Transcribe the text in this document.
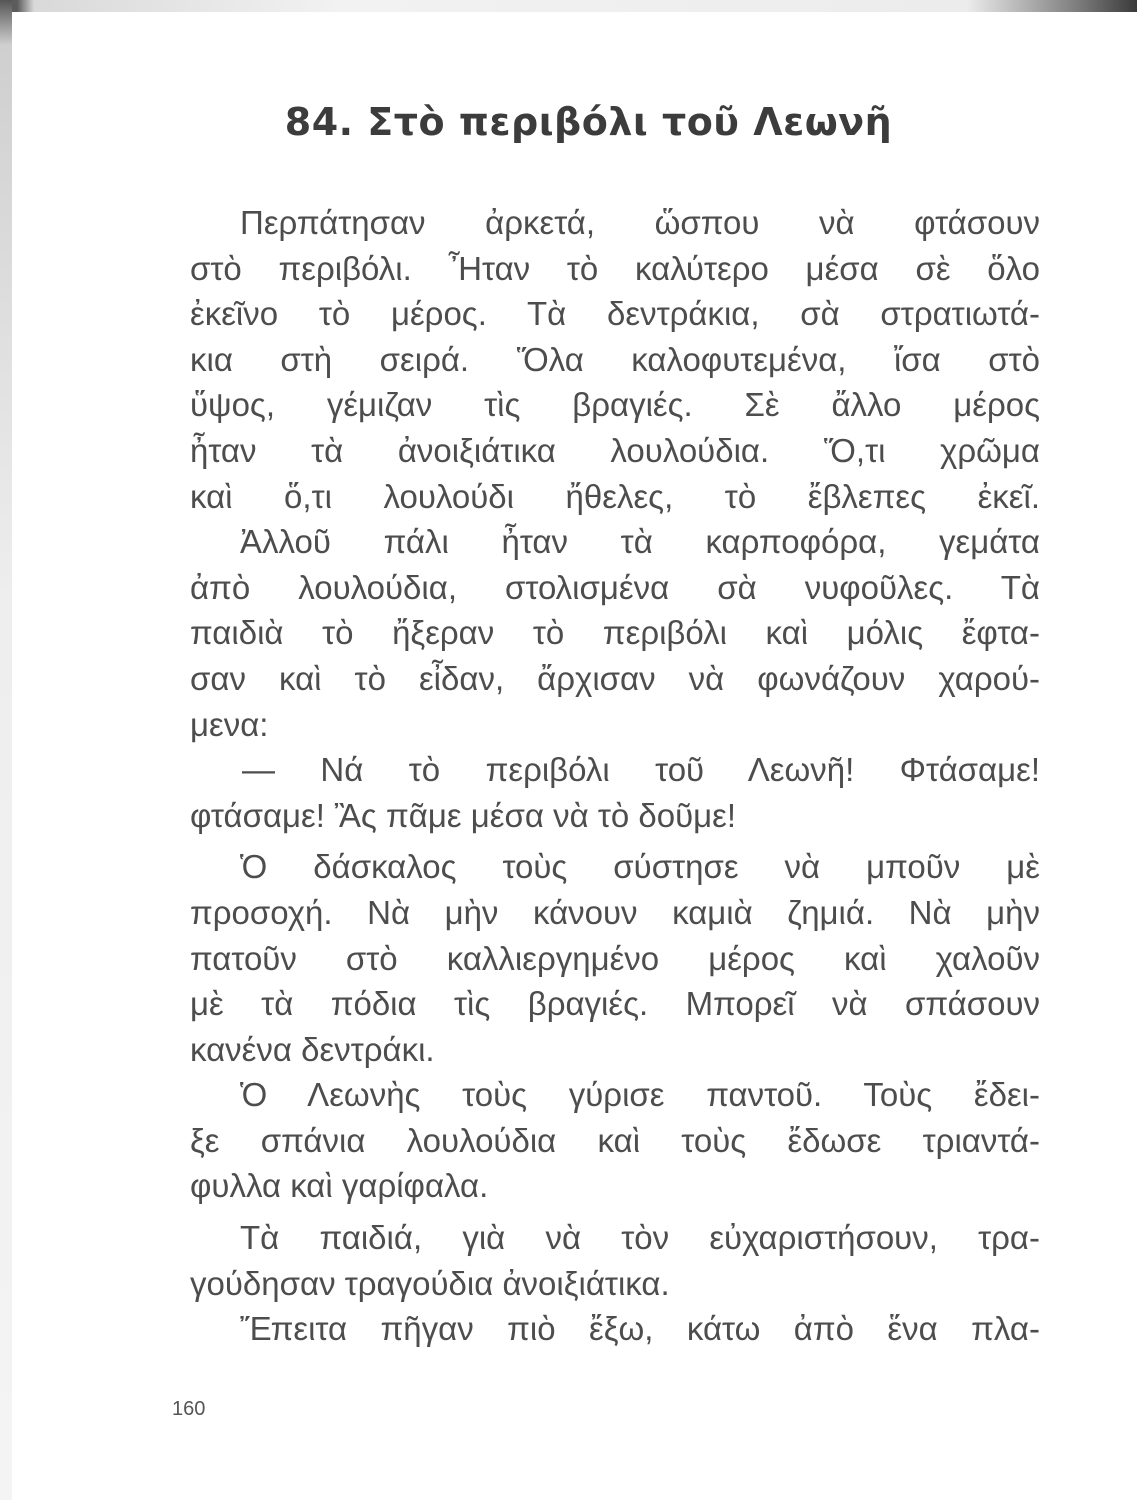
84. Στὸ περιβόλι τοῦ Λεωνῆ
Περπάτησαν ἀρκετά, ὥσπου νὰ φτάσουν
στὸ περιβόλι. Ἦταν τὸ καλύτερο μέσα σὲ ὅλο
ἐκεῖνο τὸ μέρος. Τὰ δεντράκια, σὰ στρατιωτά-
κια στὴ σειρά. Ὅλα καλοφυτεμένα, ἴσα στὸ
ὕψος, γέμιζαν τὶς βραγιές. Σὲ ἄλλο μέρος
ἦταν τὰ ἀνοιξιάτικα λουλούδια. Ὅ,τι χρῶμα
καὶ ὅ,τι λουλούδι ἤθελες, τὸ ἔβλεπες ἐκεῖ.
Ἀλλοῦ πάλι ἦταν τὰ καρποφόρα, γεμάτα
ἀπὸ λουλούδια, στολισμένα σὰ νυφοῦλες. Τὰ
παιδιὰ τὸ ἤξεραν τὸ περιβόλι καὶ μόλις ἔφτα-
σαν καὶ τὸ εἶδαν, ἄρχισαν νὰ φωνάζουν χαρού-
μενα:
— Νά τὸ περιβόλι τοῦ Λεωνῆ! Φτάσαμε!
φτάσαμε! Ἂς πᾶμε μέσα νὰ τὸ δοῦμε!
Ὁ δάσκαλος τοὺς σύστησε νὰ μποῦν μὲ
προσοχή. Νὰ μὴν κάνουν καμιὰ ζημιά. Νὰ μὴν
πατοῦν στὸ καλλιεργημένο μέρος καὶ χαλοῦν
μὲ τὰ πόδια τὶς βραγιές. Μπορεῖ νὰ σπάσουν
κανένα δεντράκι.
Ὁ Λεωνὴς τοὺς γύρισε παντοῦ. Τοὺς ἔδει-
ξε σπάνια λουλούδια καὶ τοὺς ἔδωσε τριαντά-
φυλλα καὶ γαρίφαλα.
Τὰ παιδιά, γιὰ νὰ τὸν εὐχαριστήσουν, τρα-
γούδησαν τραγούδια ἀνοιξιάτικα.
Ἔπειτα πῆγαν πιὸ ἔξω, κάτω ἀπὸ ἕνα πλα-
160
